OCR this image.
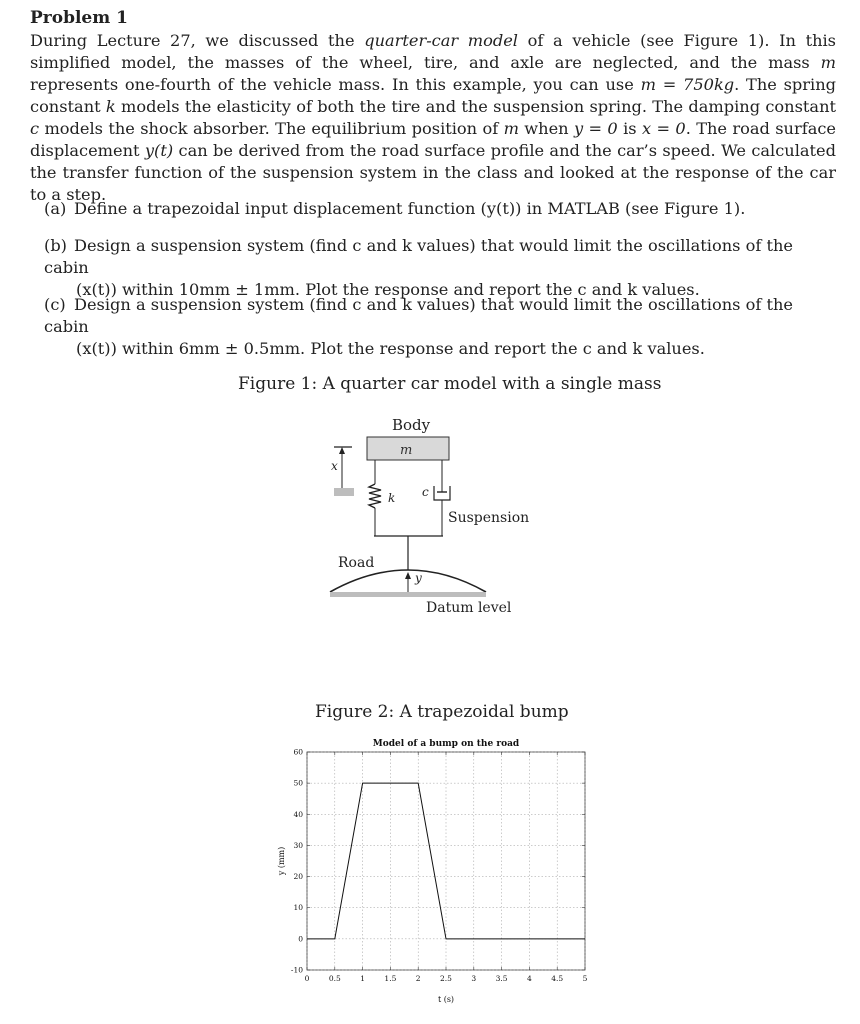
Problem 1
During Lecture 27, we discussed the quarter-car model of a vehicle (see Figure 1). In this simplified model, the masses of the wheel, tire, and axle are neglected, and the mass m represents one-fourth of the vehicle mass. In this example, you can use m = 750kg. The spring constant k models the elasticity of both the tire and the suspension spring. The damping constant c models the shock absorber. The equilibrium position of m when y = 0 is x = 0. The road surface displacement y(t) can be derived from the road surface profile and the car’s speed. We calculated the transfer function of the suspension system in the class and looked at the response of the car to a step.
(a) Define a trapezoidal input displacement function (y(t)) in MATLAB (see Figure 1).
(b) Design a suspension system (find c and k values) that would limit the oscillations of the cabin
(x(t)) within 10mm ± 1mm. Plot the response and report the c and k values.
(c) Design a suspension system (find c and k values) that would limit the oscillations of the cabin
(x(t)) within 6mm ± 0.5mm. Plot the response and report the c and k values.
Figure 1: A quarter car model with a single mass
Body
m
x
k c
Suspension
Road
y
Datum level
Figure 2: A trapezoidal bump
Model of a bump on the road
0	0.5	1	1.5	2	2.5	3	3.5	4	4.5	5
-10
0
10
20
30
40
50
60
t (s)
y (mm)
